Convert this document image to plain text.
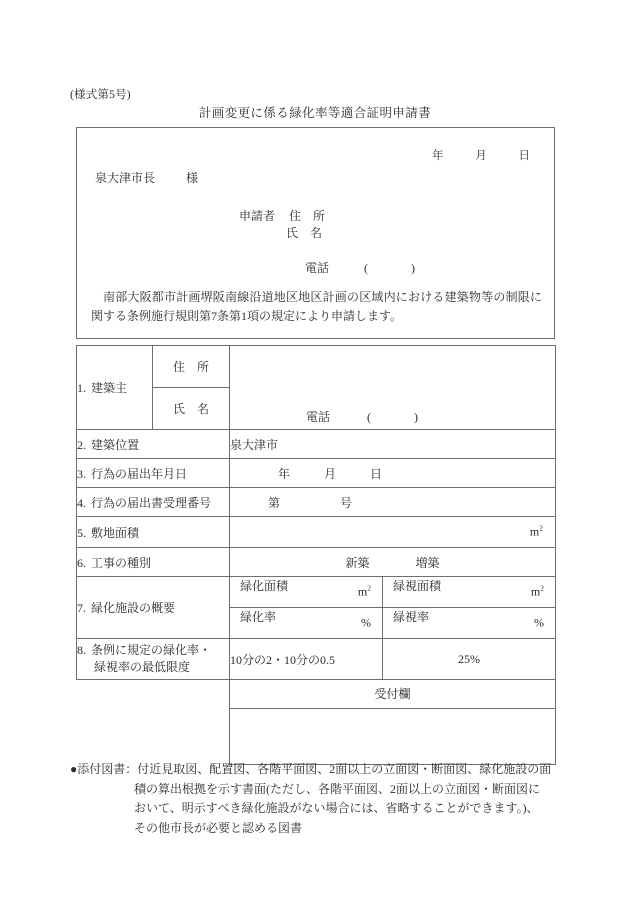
(様式第5号)
計画変更に係る緑化率等適合証明申請書
年	月	日
泉大津市長	様
申請者 住　所
氏　名
電話	(	)
南部大阪都市計画堺阪南線沿道地区地区計画の区域内における建築物等の制限に関する条例施行規則第7条第1項の規定により申請します。
1. 建築主	住　所	電話 ( )	

	氏　名		
2. 建築位置		泉大津市	
3. 行為の届出年月日		年 月 日	

4. 行為の届出書受理番号		第 号	

5. 敷地面積		$m^2$

6. 工事の種別		新築 増築	
7. 緑化施設の概要		緑化面積 $m^2$	緑視面積 $m^2$

		緑化率 %	緑視率 %

8. 条例に規定の緑化率・
緑視率の最低限度		10分の2・10分の0.5	25%
		受付欄	

●添付図書：付近見取図、配置図、各階平面図、2面以上の立面図・断面図、緑化施設の面
積の算出根拠を示す書面(ただし、各階平面図、2面以上の立面図・断面図に
おいて、明示すべき緑化施設がない場合には、省略することができます。)、
その他市長が必要と認める図書
